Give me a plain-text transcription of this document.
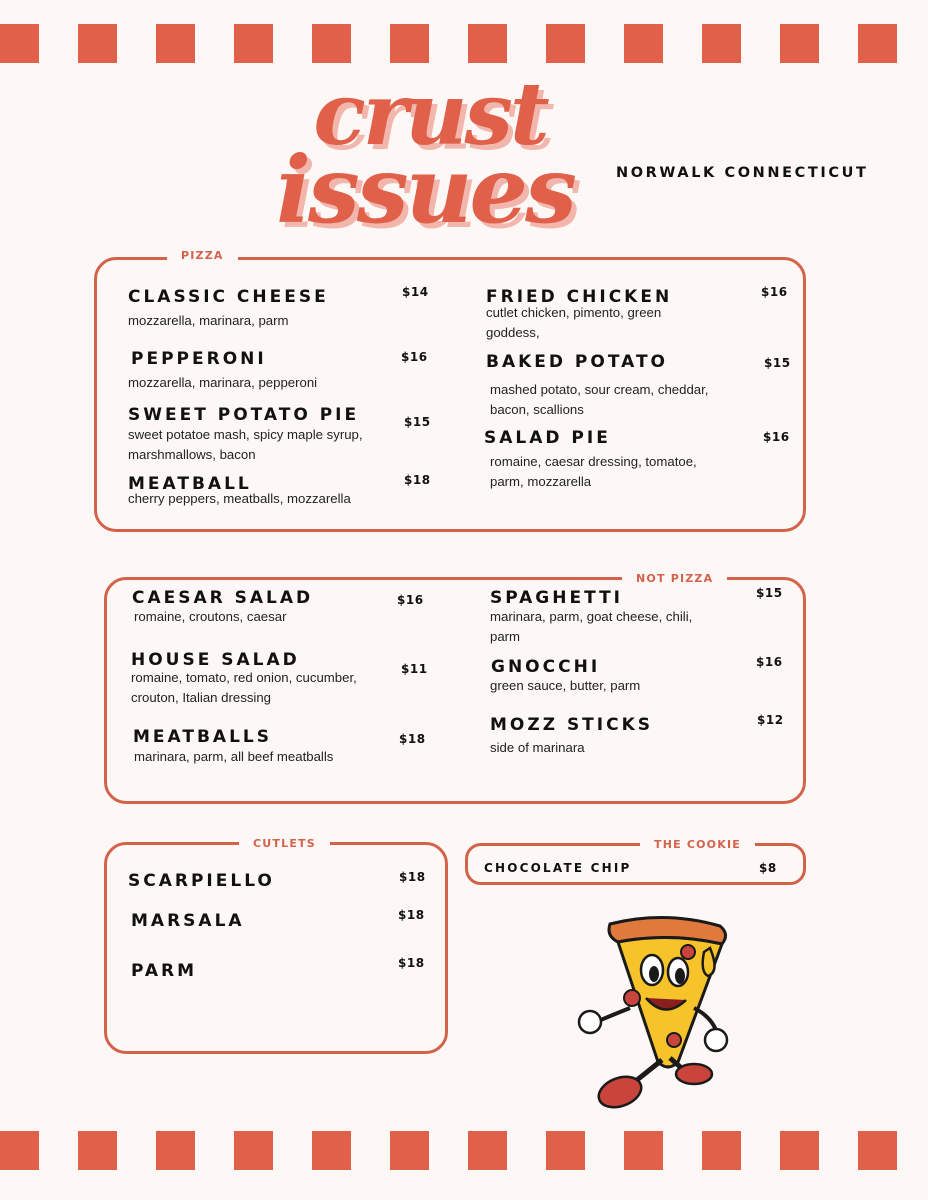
crust
issues	NORWALK CONNECTICUT
PIZZA
CLASSIC CHEESE
mozzarella, marinara, parm
$14
PEPPERONI
mozzarella, marinara, pepperoni
$16
SWEET POTATO PIE
sweet potatoe mash, spicy maple syrup, marshmallows, bacon
$15
MEATBALL
cherry peppers, meatballs, mozzarella
$18
FRIED CHICKEN
cutlet chicken, pimento, green goddess,
$16
BAKED POTATO
mashed potato, sour cream, cheddar, bacon, scallions
$15
SALAD PIE
romaine, caesar dressing, tomatoe, parm, mozzarella
$16
NOT PIZZA
CAESAR SALAD
romaine, croutons, caesar
$16
HOUSE SALAD
romaine, tomato, red onion, cucumber, crouton, Italian dressing
$11
MEATBALLS
marinara, parm, all beef meatballs
$18
SPAGHETTI
marinara, parm, goat cheese, chili, parm
$15
GNOCCHI
green sauce, butter, parm
$16
MOZZ STICKS
side of marinara
$12
CUTLETS
SCARPIELLO	$18
MARSALA	$18
PARM	$18
THE COOKIE
CHOCOLATE CHIP	$8
